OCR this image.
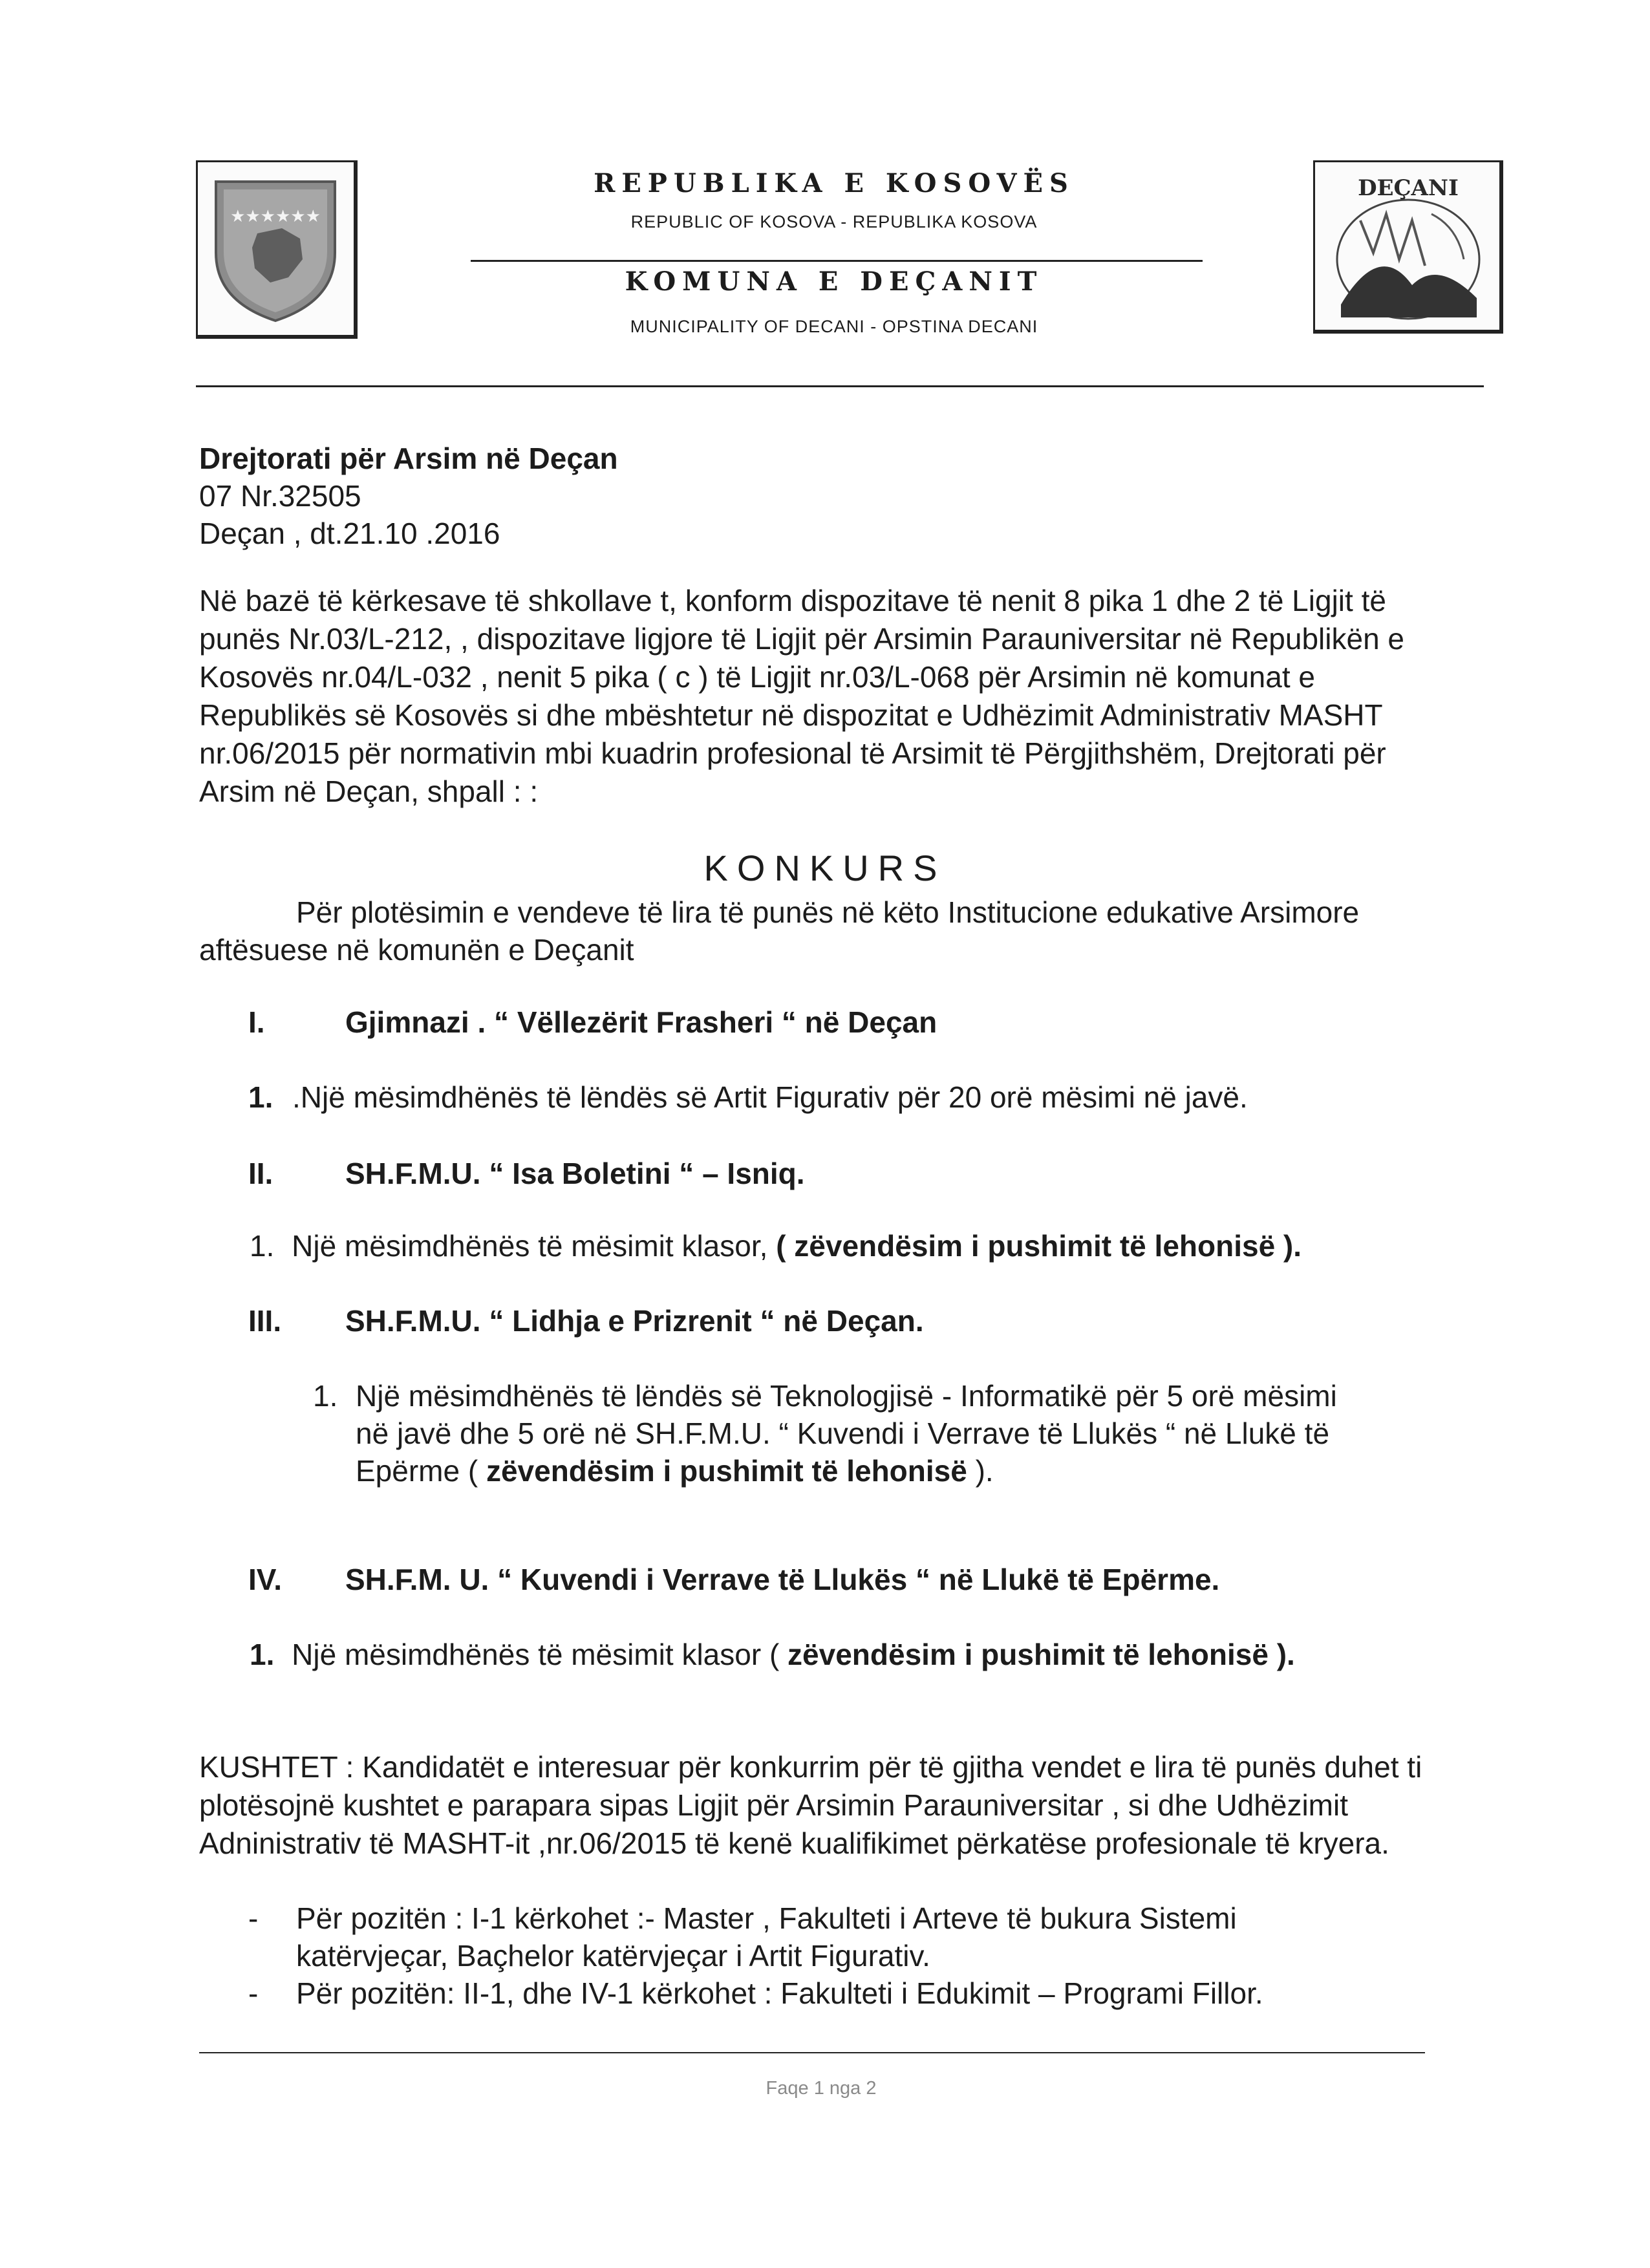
★★★★★★
REPUBLIKA E KOSOVËS
REPUBLIC OF KOSOVA - REPUBLIKA KOSOVA
KOMUNA E DEÇANIT
MUNICIPALITY OF DECANI - OPSTINA DECANI
DEÇANI
Drejtorati për Arsim në Deçan
07 Nr.32505
Deçan , dt.21.10 .2016
Në bazë të kërkesave të shkollave t, konform dispozitave të nenit 8 pika 1 dhe 2 të Ligjit të punës Nr.03/L-212, , dispozitave ligjore të Ligjit për Arsimin Parauniversitar në Republikën e Kosovës nr.04/L-032 , nenit 5 pika ( c ) të Ligjit nr.03/L-068 për Arsimin në komunat e Republikës së Kosovës si dhe mbështetur në dispozitat e Udhëzimit Administrativ MASHT nr.06/2015 për normativin mbi kuadrin profesional të Arsimit të Përgjithshëm, Drejtorati për Arsim në Deçan, shpall : :
KONKURS
Për plotësimin e vendeve të lira të punës në këto Institucione edukative Arsimore
aftësuese në komunën e Deçanit
I.	Gjimnazi . “ Vëllezërit Frasheri “ në Deçan
1. .Një mësimdhënës të lëndës së Artit Figurativ për 20 orë mësimi në javë.
II. SH.F.M.U. “ Isa Boletini “ – Isniq.
1. Një mësimdhënës të mësimit klasor, ( zëvendësim i pushimit të lehonisë ).
III. SH.F.M.U. “ Lidhja e Prizrenit “ në Deçan.
1. Një mësimdhënës të lëndës së Teknologjisë - Informatikë për 5 orë mësimi
në javë dhe 5 orë në SH.F.M.U. “ Kuvendi i Verrave të Llukës “ në Llukë të
Epërme ( zëvendësim i pushimit të lehonisë ).
IV. SH.F.M. U. “ Kuvendi i Verrave të Llukës “ në Llukë të Epërme.
1. Një mësimdhënës të mësimit klasor ( zëvendësim i pushimit të lehonisë ).
KUSHTET : Kandidatët e interesuar për konkurrim për të gjitha vendet e lira të punës duhet ti plotësojnë kushtet e parapara sipas Ligjit për Arsimin Parauniversitar , si dhe Udhëzimit Adninistrativ të MASHT-it ,nr.06/2015 të kenë kualifikimet përkatëse profesionale të kryera.
- Për pozitën : I-1 kërkohet :- Master , Fakulteti i Arteve të bukura Sistemi
katërvjeçar, Baçhelor katërvjeçar i Artit Figurativ.
- Për pozitën: II-1, dhe IV-1 kërkohet : Fakulteti i Edukimit – Programi Fillor.
Faqe 1 nga 2
